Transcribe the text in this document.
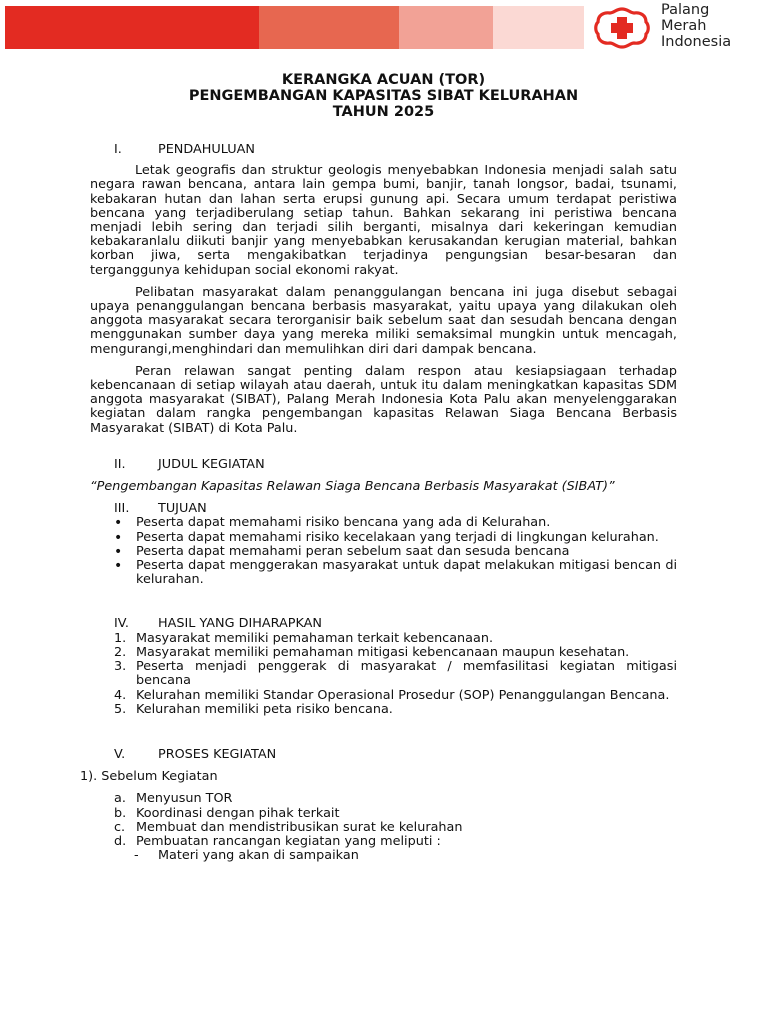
Palang
Merah
Indonesia
KERANGKA ACUAN (TOR)
PENGEMBANGAN KAPASITAS SIBAT KELURAHAN
TAHUN 2025
I.	PENDAHULUAN

Letak geografis dan struktur geologis menyebabkan Indonesia menjadi salah satu negara rawan bencana, antara lain gempa bumi, banjir, tanah longsor, badai, tsunami, kebakaran hutan dan lahan serta erupsi gunung api. Secara umum terdapat peristiwa bencana yang terjadiberulang setiap tahun. Bahkan sekarang ini peristiwa bencana menjadi lebih sering dan terjadi silih berganti, misalnya dari kekeringan kemudian kebakaranlalu diikuti banjir yang menyebabkan kerusakandan kerugian material, bahkan korban jiwa, serta mengakibatkan terjadinya pengungsian besar-besaran dan terganggunya kehidupan social ekonomi rakyat.

Pelibatan masyarakat dalam penanggulangan bencana ini juga disebut sebagai upaya penanggulangan bencana berbasis masyarakat, yaitu upaya yang dilakukan oleh anggota masyarakat secara terorganisir baik sebelum saat dan sesudah bencana dengan menggunakan sumber daya yang mereka miliki semaksimal mungkin untuk mencagah, mengurangi,menghindari dan memulihkan diri dari dampak bencana.

Peran relawan sangat penting dalam respon atau kesiapsiagaan terhadap kebencanaan di setiap wilayah atau daerah, untuk itu dalam meningkatkan kapasitas SDM anggota masyarakat (SIBAT), Palang Merah Indonesia Kota Palu akan menyelenggarakan kegiatan dalam rangka pengembangan kapasitas Relawan Siaga Bencana Berbasis Masyarakat (SIBAT) di Kota Palu.

II.	JUDUL KEGIATAN

“Pengembangan Kapasitas Relawan Siaga Bencana Berbasis Masyarakat (SIBAT)”

III. TUJUAN
• Peserta dapat memahami risiko bencana yang ada di Kelurahan.
• Peserta dapat memahami risiko kecelakaan yang terjadi di lingkungan kelurahan.
• Peserta dapat memahami peran sebelum saat dan sesuda bencana
• Peserta dapat menggerakan masyarakat untuk dapat melakukan mitigasi bencan di kelurahan.
IV. HASIL YANG DIHARAPKAN
1. Masyarakat memiliki pemahaman terkait kebencanaan.
2. Masyarakat memiliki pemahaman mitigasi kebencanaan maupun kesehatan.
3. Peserta menjadi penggerak di masyarakat / memfasilitasi kegiatan mitigasi bencana
4. Kelurahan memiliki Standar Operasional Prosedur (SOP) Penanggulangan Bencana.
5. Kelurahan memiliki peta risiko bencana.
V.	PROSES KEGIATAN
1). Sebelum Kegiatan
a. Menyusun TOR
b. Koordinasi dengan pihak terkait
c. Membuat dan mendistribusikan surat ke kelurahan
d. Pembuatan rancangan kegiatan yang meliputi :
- Materi yang akan di sampaikan
